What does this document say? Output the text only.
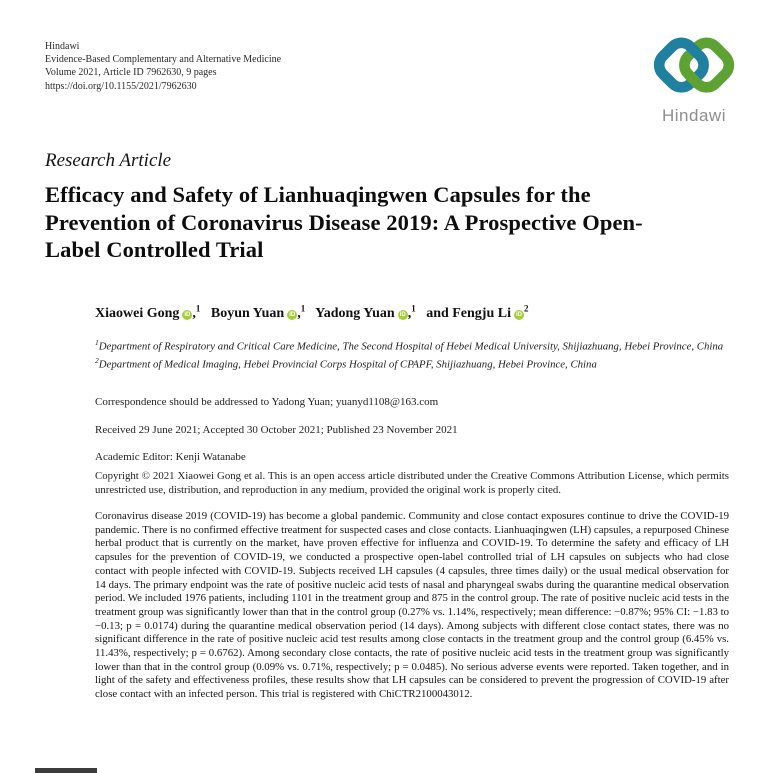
Hindawi
Evidence-Based Complementary and Alternative Medicine
Volume 2021, Article ID 7962630, 9 pages
https://doi.org/10.1155/2021/7962630
Hindawi
Research Article
Efficacy and Safety of Lianhuaqingwen Capsules for the Prevention of Coronavirus Disease 2019: A Prospective Open-Label Controlled Trial
Xiaowei Gong iD ,$^1$ Boyun Yuan iD ,$^1$ Yadong Yuan iD ,$^1$ and Fengju Li $iD^2$
$^1$Department of Respiratory and Critical Care Medicine, The Second Hospital of Hebei Medical University, Shijiazhuang, Hebei Province, China
$^2$Department of Medical Imaging, Hebei Provincial Corps Hospital of CPAPF, Shijiazhuang, Hebei Province, China
Correspondence should be addressed to Yadong Yuan; yuanyd1108@163.com
Received 29 June 2021; Accepted 30 October 2021; Published 23 November 2021
Academic Editor: Kenji Watanabe
Copyright © 2021 Xiaowei Gong et al. This is an open access article distributed under the Creative Commons Attribution License, which permits unrestricted use, distribution, and reproduction in any medium, provided the original work is properly cited.
Coronavirus disease 2019 (COVID-19) has become a global pandemic. Community and close contact exposures continue to drive the COVID-19 pandemic. There is no confirmed effective treatment for suspected cases and close contacts. Lianhuaqingwen (LH) capsules, a repurposed Chinese herbal product that is currently on the market, have proven effective for influenza and COVID-19. To determine the safety and efficacy of LH capsules for the prevention of COVID-19, we conducted a prospective open-label controlled trial of LH capsules on subjects who had close contact with people infected with COVID-19. Subjects received LH capsules (4 capsules, three times daily) or the usual medical observation for 14 days. The primary endpoint was the rate of positive nucleic acid tests of nasal and pharyngeal swabs during the quarantine medical observation period. We included 1976 patients, including 1101 in the treatment group and 875 in the control group. The rate of positive nucleic acid tests in the treatment group was significantly lower than that in the control group (0.27% vs. 1.14%, respectively; mean difference: −0.87%; 95% CI: −1.83 to −0.13; p = 0.0174) during the quarantine medical observation period (14 days). Among subjects with different close contact states, there was no significant difference in the rate of positive nucleic acid test results among close contacts in the treatment group and the control group (6.45% vs. 11.43%, respectively; p = 0.6762). Among secondary close contacts, the rate of positive nucleic acid tests in the treatment group was significantly lower than that in the control group (0.09% vs. 0.71%, respectively; p = 0.0485). No serious adverse events were reported. Taken together, and in light of the safety and effectiveness profiles, these results show that LH capsules can be considered to prevent the progression of COVID-19 after close contact with an infected person. This trial is registered with ChiCTR2100043012.
